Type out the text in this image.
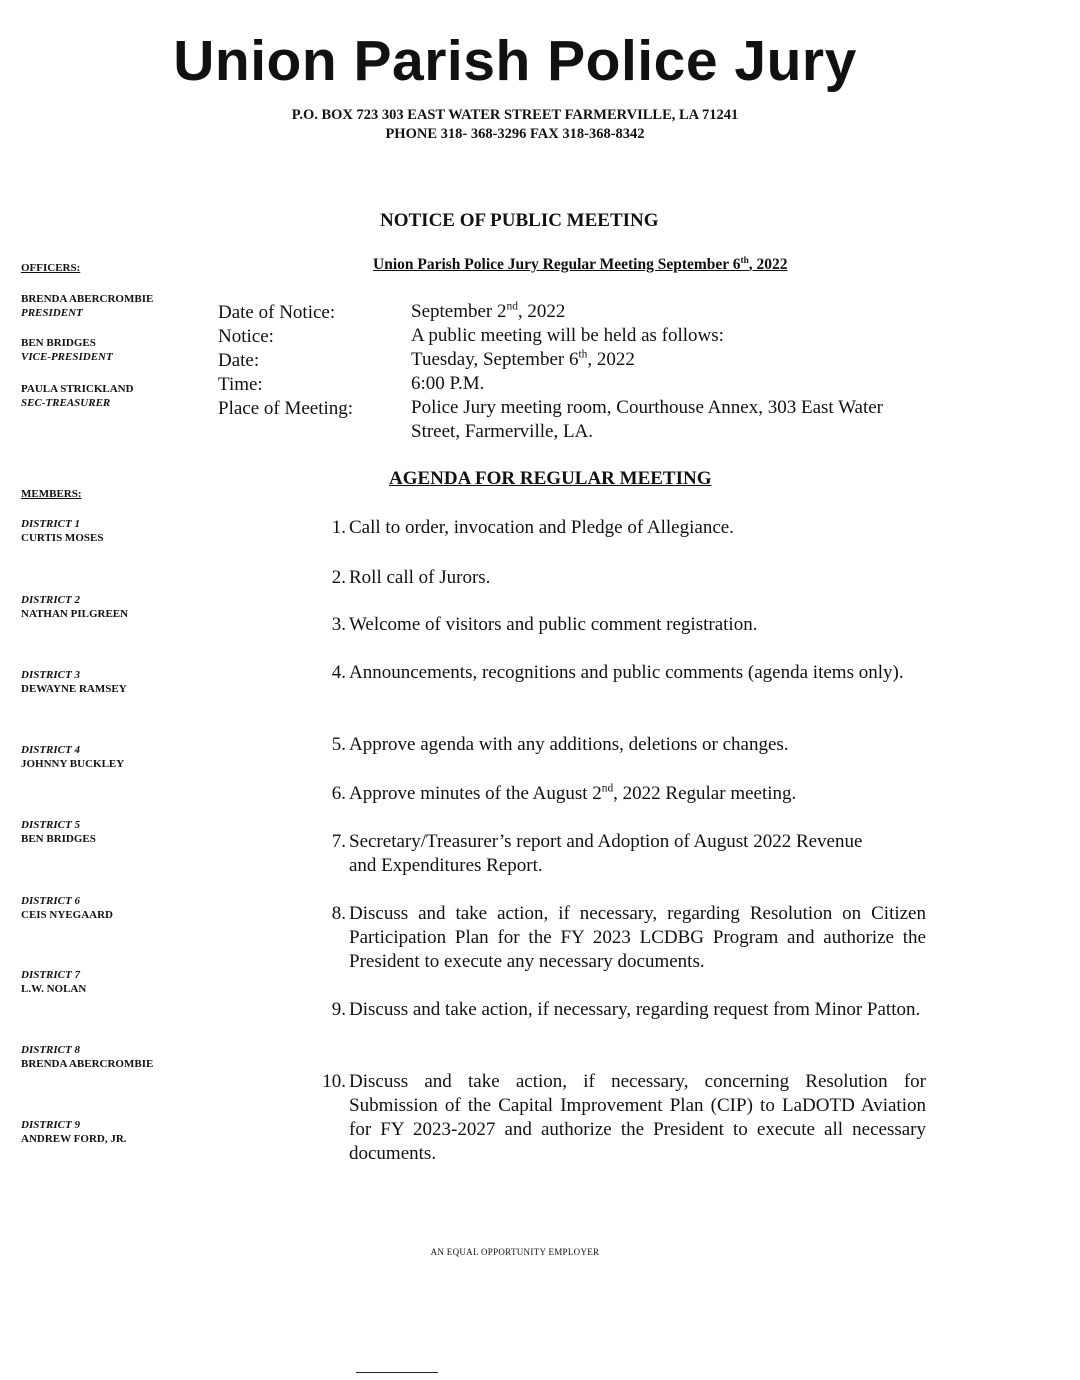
Union Parish Police Jury
P.O. BOX 723 303 EAST WATER STREET FARMERVILLE, LA 71241
PHONE 318- 368-3296 FAX 318-368-8342
NOTICE OF PUBLIC MEETING
OFFICERS:	Union Parish Police Jury Regular Meeting September 6th, 2022
BRENDA ABERCROMBIE
PRESIDENT
BEN BRIDGES
VICE-PRESIDENT
PAULA STRICKLAND
SEC-TREASURER
Date of Notice:	September 2nd, 2022
Notice:	A public meeting will be held as follows:
Date:	Tuesday, September 6th, 2022
Time:	6:00 P.M.
Place of Meeting:	Police Jury meeting room, Courthouse Annex, 303 East Water Street, Farmerville, LA.
AGENDA FOR REGULAR MEETING
MEMBERS:
DISTRICT 1
CURTIS MOSES
DISTRICT 2
NATHAN PILGREEN
DISTRICT 3
DEWAYNE RAMSEY
DISTRICT 4
JOHNNY BUCKLEY
DISTRICT 5
BEN BRIDGES
DISTRICT 6
CEIS NYEGAARD
DISTRICT 7
L.W. NOLAN
DISTRICT 8
BRENDA ABERCROMBIE
DISTRICT 9
ANDREW FORD, JR.
1. Call to order, invocation and Pledge of Allegiance.
2. Roll call of Jurors.
3. Welcome of visitors and public comment registration.
4. Announcements, recognitions and public comments (agenda items only).
5. Approve agenda with any additions, deletions or changes.
6. Approve minutes of the August 2nd, 2022 Regular meeting.
7. Secretary/Treasurer’s report and Adoption of August 2022 Revenue and Expenditures Report.
8. Discuss and take action, if necessary, regarding Resolution on Citizen Participation Plan for the FY 2023 LCDBG Program and authorize the President to execute any necessary documents.
9. Discuss and take action, if necessary, regarding request from Minor Patton.
10. Discuss and take action, if necessary, concerning Resolution for Submission of the Capital Improvement Plan (CIP) to LaDOTD Aviation for FY 2023-2027 and authorize the President to execute all necessary documents.
AN EQUAL OPPORTUNITY EMPLOYER
